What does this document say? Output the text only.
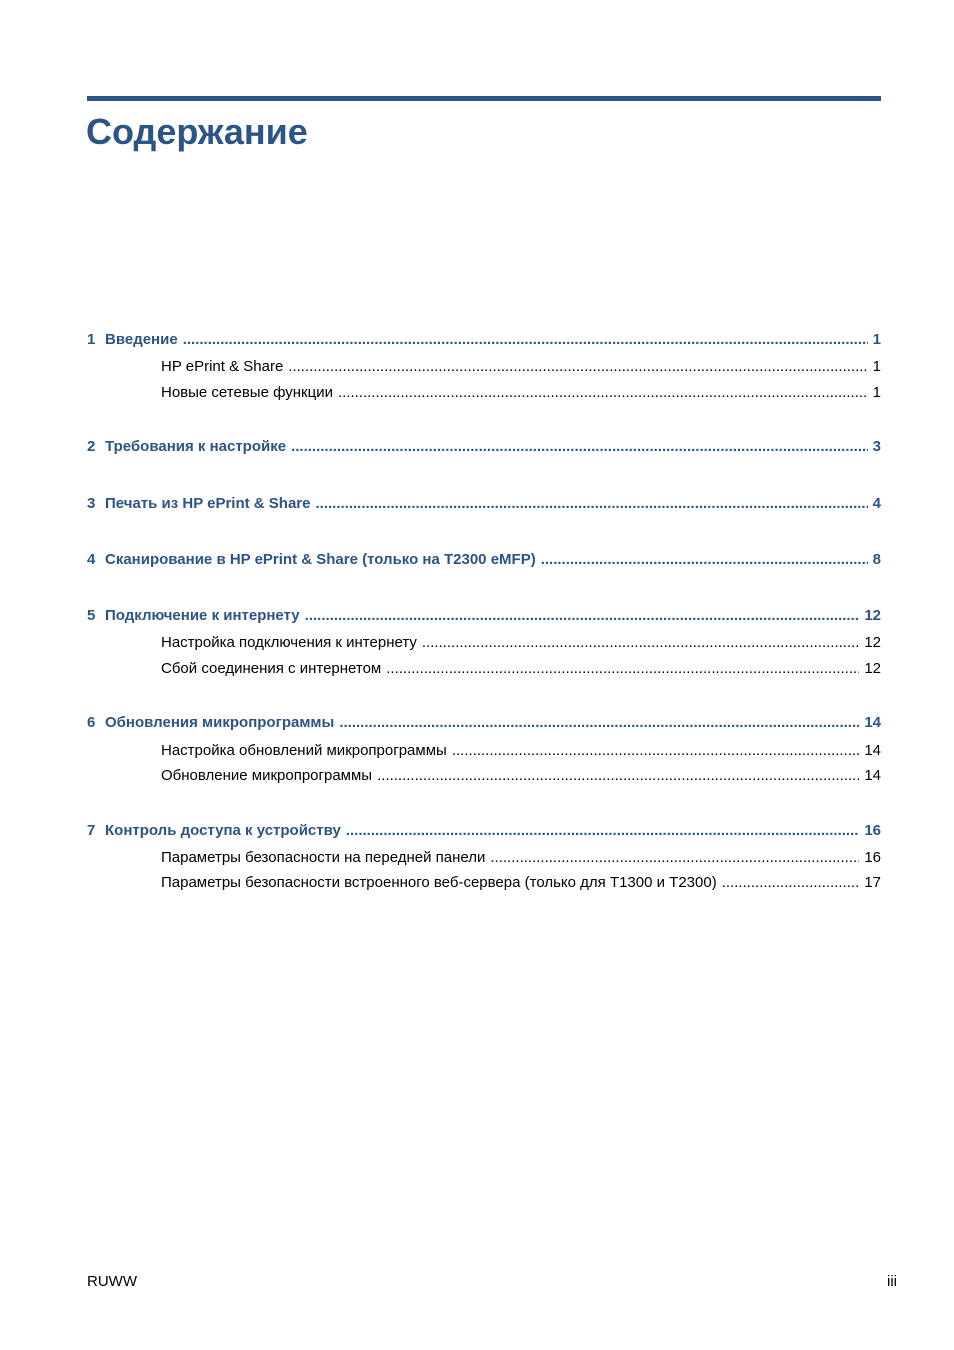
Содержание
1 Введение .....	1
HP ePrint & Share .....	1
Новые сетевые функции .....	1
2 Требования к настройке .....	3
3 Печать из HP ePrint & Share .....	4
4 Сканирование в HP ePrint & Share (только на T2300 eMFP) .....	8
5 Подключение к интернету .....	12
Настройка подключения к интернету .....	12
Сбой соединения с интернетом .....	12
6 Обновления микропрограммы .....	14
Настройка обновлений микропрограммы .....	14
Обновление микропрограммы .....	14
7 Контроль доступа к устройству .....	16
Параметры безопасности на передней панели .....	16
Параметры безопасности встроенного веб-сервера (только для T1300 и T2300) .....	17
RUWW	iii
